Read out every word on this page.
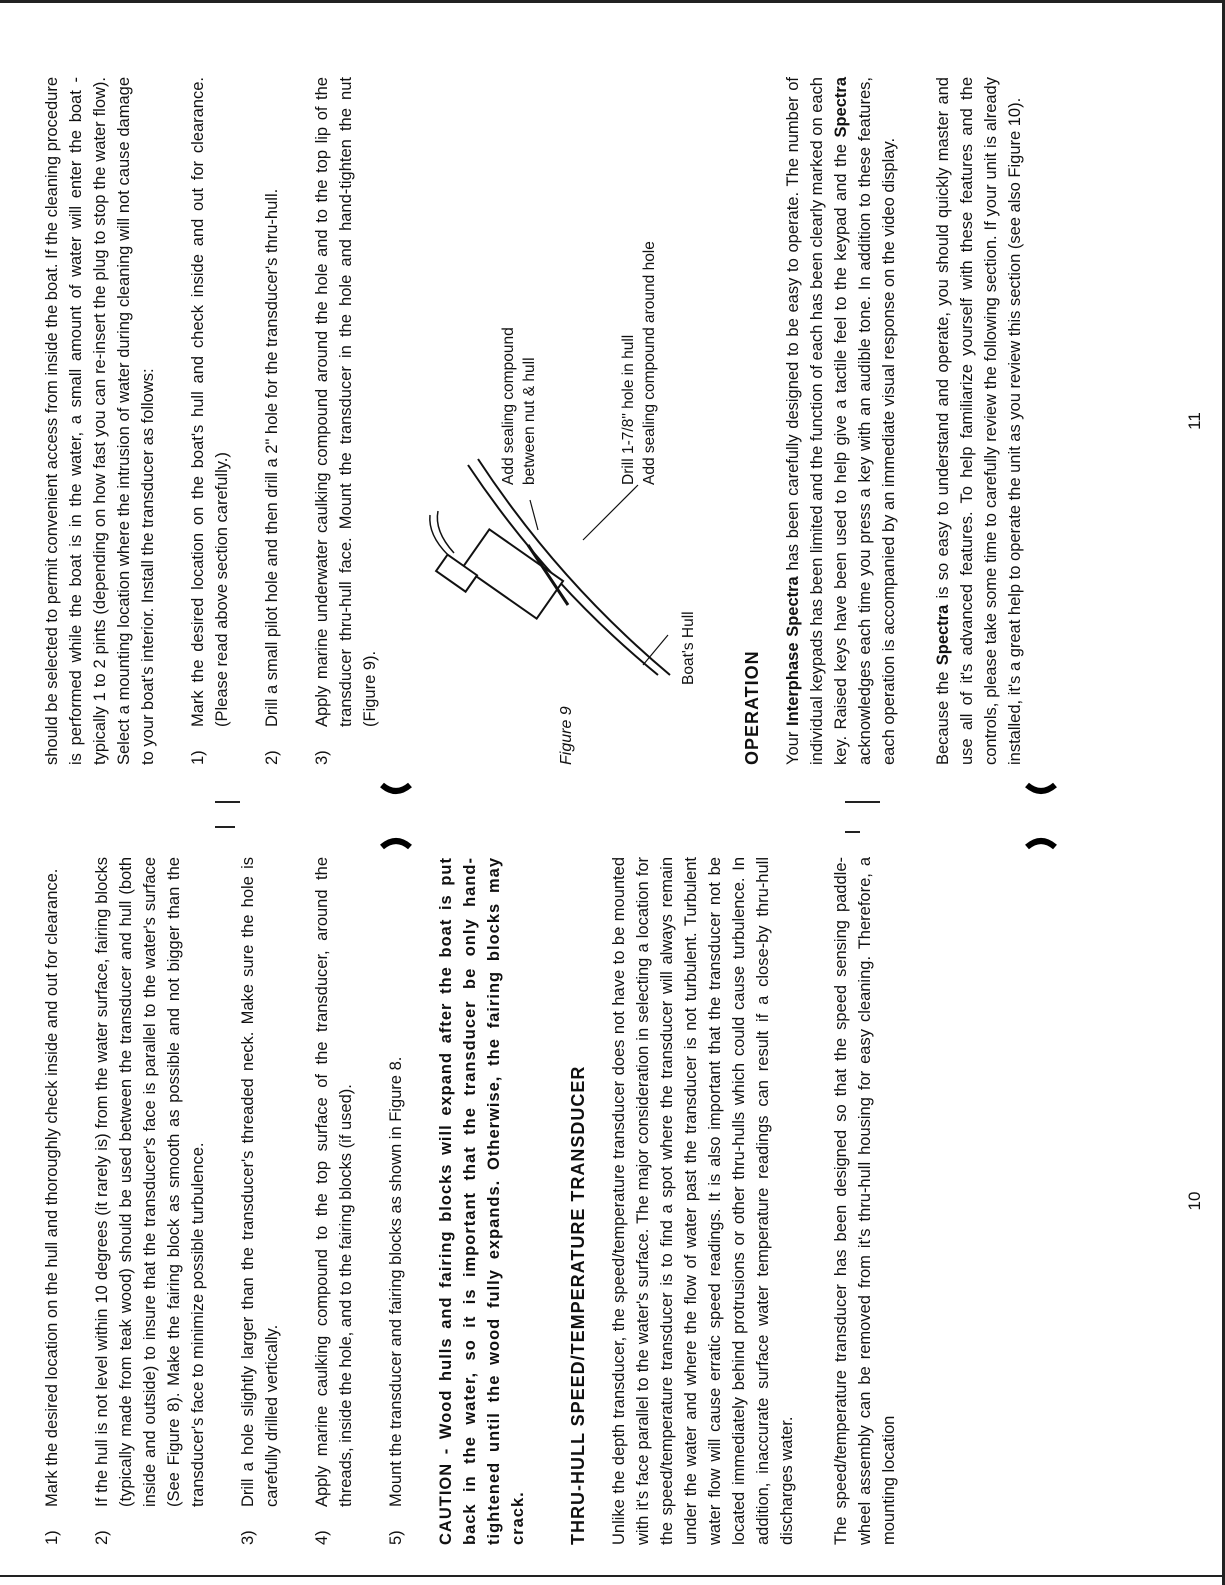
1)
Mark the desired location on the hull and thoroughly check inside and out for clearance.
2)
If the hull is not level within 10 degrees (it rarely is) from the water surface, fairing blocks (typically made from teak wood) should be used between the transducer and hull (both inside and outside) to insure that the transducer's face is parallel to the water's surface (See Figure 8). Make the fairing block as smooth as possible and not bigger than the transducer's face to minimize possible turbulence.
3)
Drill a hole slightly larger than the transducer's threaded neck. Make sure the hole is carefully drilled vertically.
4)
Apply marine caulking compound to the top surface of the transducer, around the threads, inside the hole, and to the fairing blocks (if used).
5)
Mount the transducer and fairing blocks as shown in Figure 8. CAUTION - Wood hulls and fairing blocks will expand after the boat is put back in the water, so it is important that the transducer be only hand-tightened until the wood fully expands. Otherwise, the fairing blocks may crack. THRU-HULL SPEED/TEMPERATURE TRANSDUCER Unlike the depth transducer, the speed/temperature transducer does not have to be mounted with it's face parallel to the water's surface. The major consideration in selecting a location for the speed/temperature transducer is to find a spot where the transducer will always remain under the water and where the flow of water past the transducer is not turbulent. Turbulent water flow will cause erratic speed readings. It is also important that the transducer not be located immediately behind protrusions or other thru-hulls which could cause turbulence. In addition, inaccurate surface water temperature readings can result if a close-by thru-hull discharges water. The speed/temperature transducer has been designed so that the speed sensing paddle-wheel assembly can be removed from it's thru-hull housing for easy cleaning. Therefore, a mounting location

10

should be selected to permit convenient access from inside the boat. If the cleaning procedure is performed while the boat is in the water, a small amount of water will enter the boat - typically 1 to 2 pints (depending on how fast you can re-insert the plug to stop the water flow). Select a mounting location where the intrusion of water during cleaning will not cause damage to your boat's interior. Install the transducer as follows: 1)
Mark the desired location on the boat's hull and check inside and out for clearance. (Please read above section carefully.)
2)
Drill a small pilot hole and then drill a 2" hole for the transducer's thru-hull.
3)
Apply marine underwater caulking compound around the hole and to the top lip of the transducer thru-hull face. Mount the transducer in the hole and hand-tighten the nut (Figure 9).
Figure 9
Boat's Hull
Add sealing compound between nut & hull	Drill 1-7/8" hole in hull Add sealing compound around hole
OPERATION Your Interphase Spectra has been carefully designed to be easy to operate. The number of individual keypads has been limited and the function of each has been clearly marked on each key. Raised keys have been used to help give a tactile feel to the keypad and the Spectra acknowledges each time you press a key with an audible tone. In addition to these features, each operation is accompanied by an immediate visual response on the video display. Because the Spectra is so easy to understand and operate, you should quickly master and use all of it's advanced features. To help familiarize yourself with these features and the controls, please take some time to carefully review the following section. If your unit is already installed, it's a great help to operate the unit as you review this section (see also Figure 10).	11
